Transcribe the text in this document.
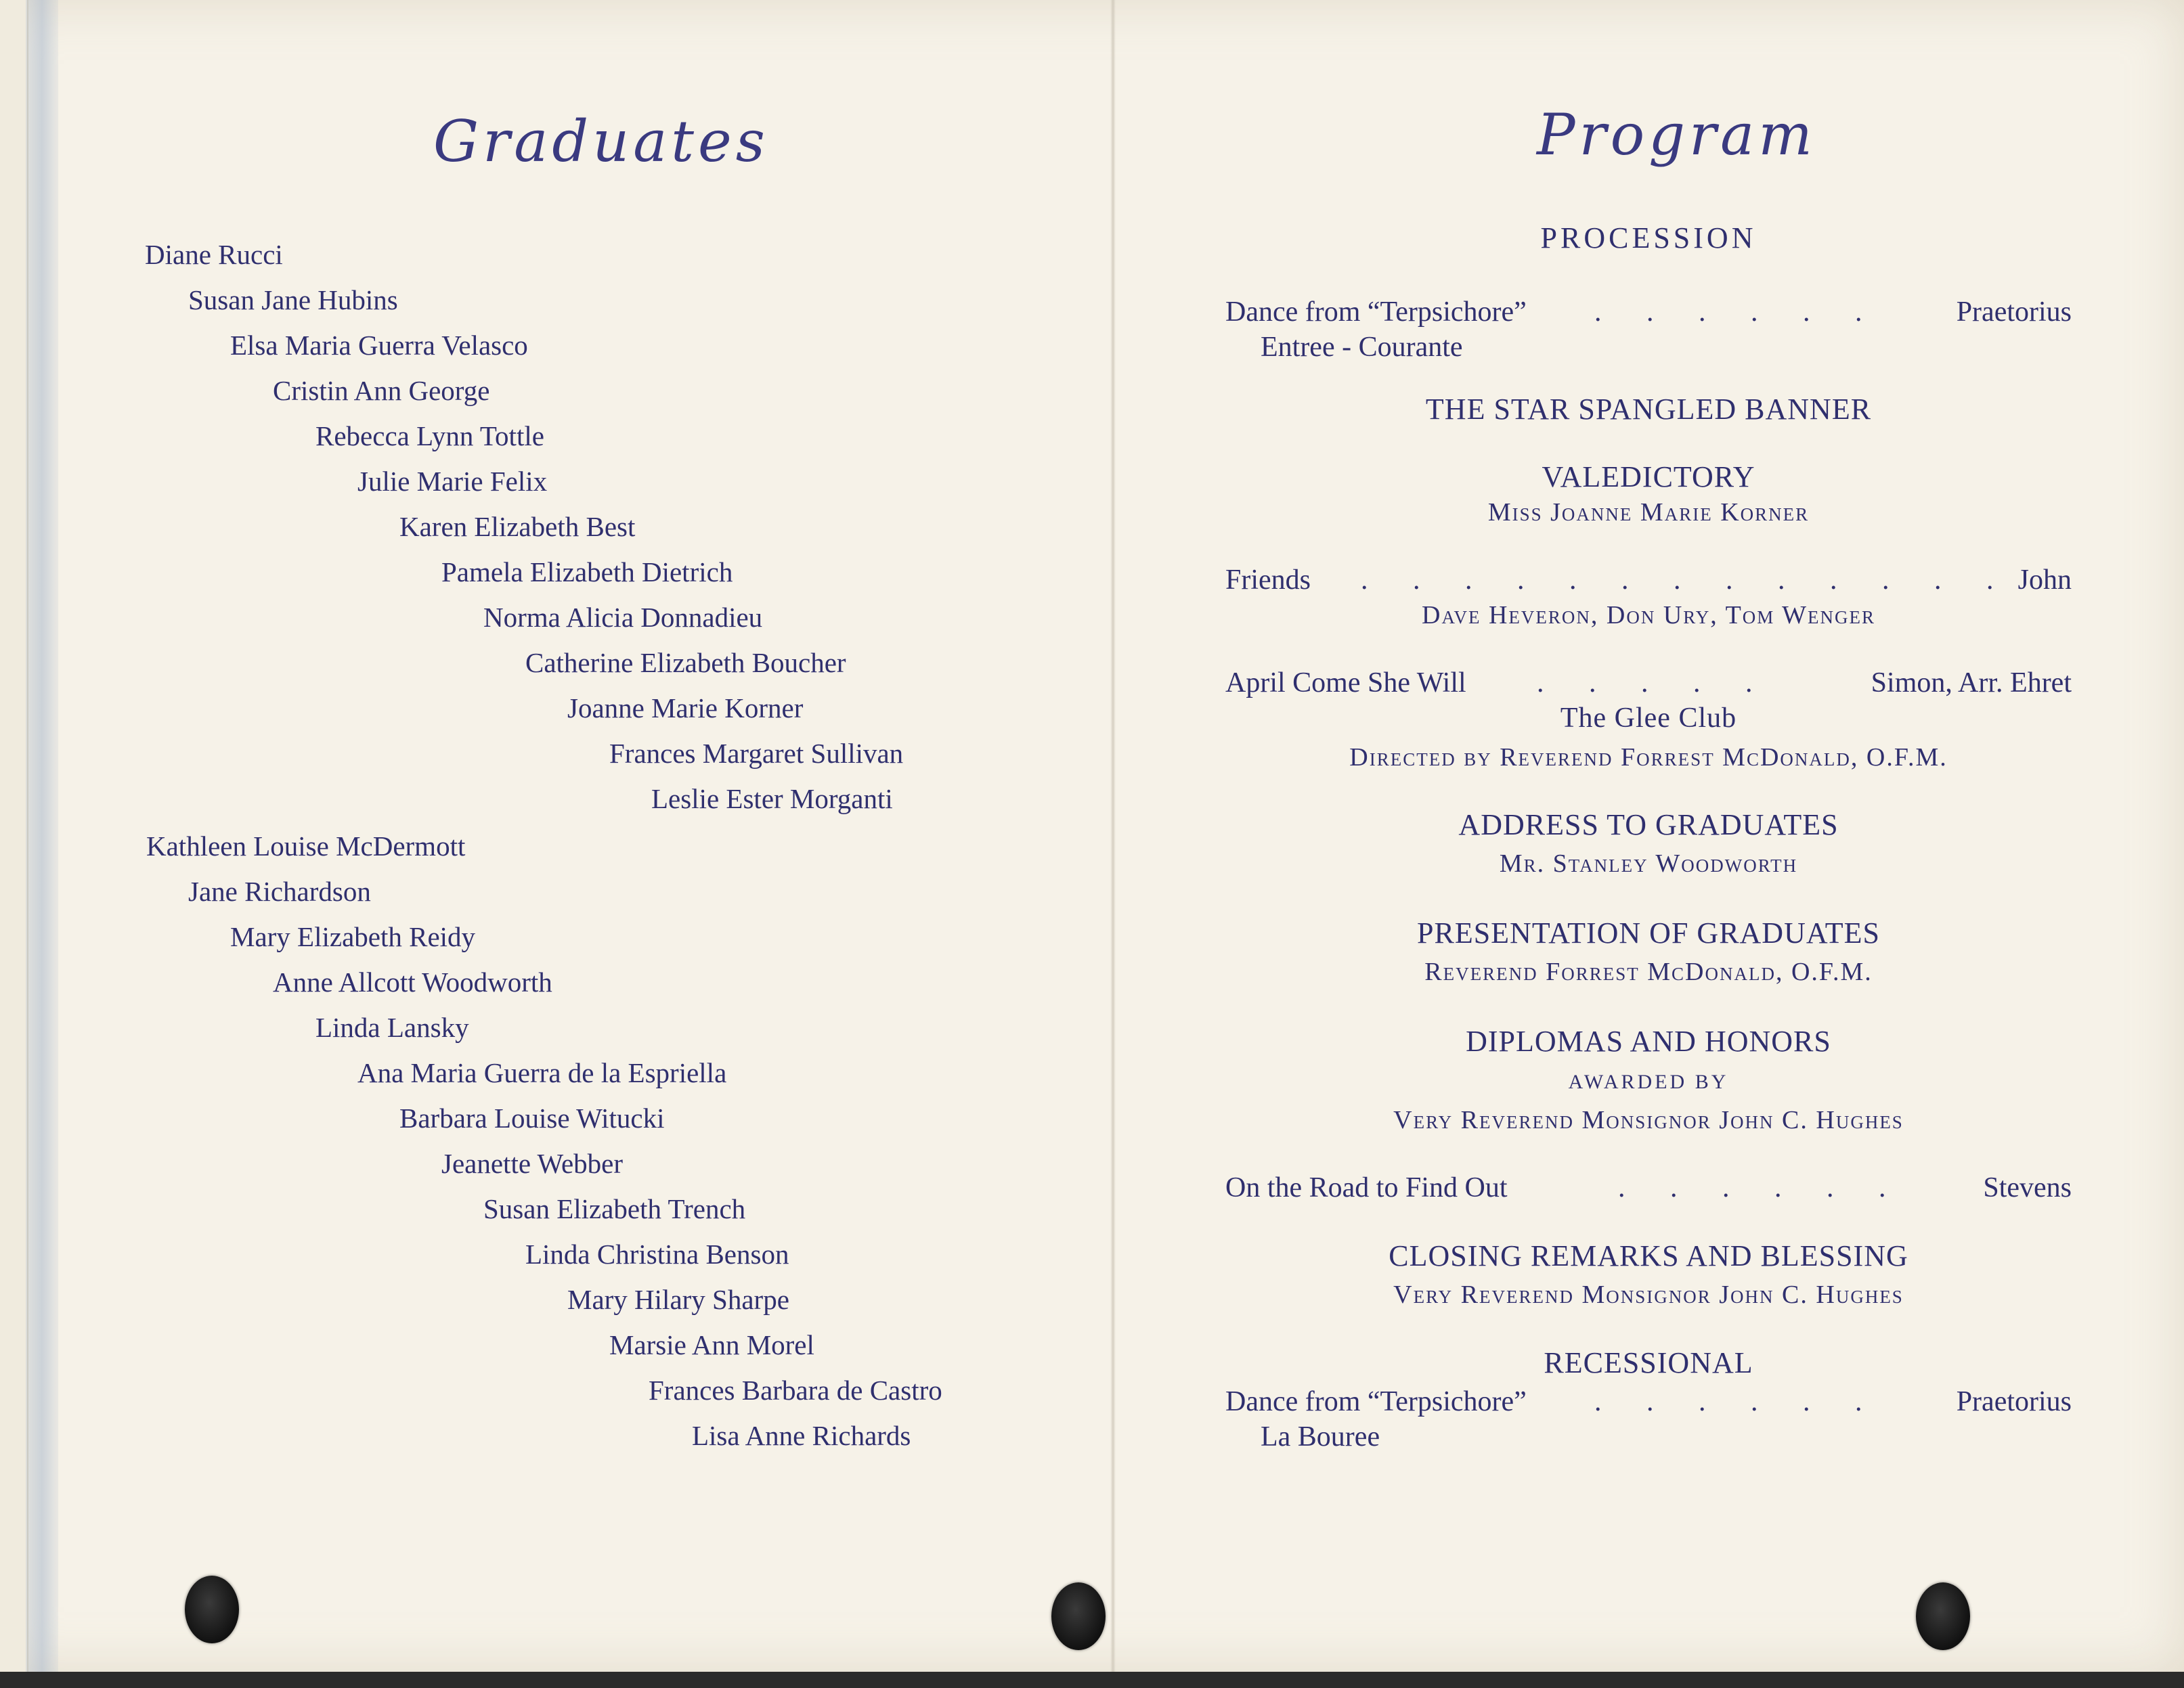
Graduates
Diane Rucci
Susan Jane Hubins
Elsa Maria Guerra Velasco
Cristin Ann George
Rebecca Lynn Tottle
Julie Marie Felix
Karen Elizabeth Best
Pamela Elizabeth Dietrich
Norma Alicia Donnadieu
Catherine Elizabeth Boucher
Joanne Marie Korner
Frances Margaret Sullivan
Leslie Ester Morganti
Kathleen Louise McDermott
Jane Richardson
Mary Elizabeth Reidy
Anne Allcott Woodworth
Linda Lansky
Ana Maria Guerra de la Espriella
Barbara Louise Witucki
Jeanette Webber
Susan Elizabeth Trench
Linda Christina Benson
Mary Hilary Sharpe
Marsie Ann Morel
Frances Barbara de Castro
Lisa Anne Richards
Program
PROCESSION
Dance from “Terpsichore” . . . . . .	Praetorius
Entree - Courante
THE STAR SPANGLED BANNER
VALEDICTORY
Miss Joanne Marie Korner
Friends . . . . . . . . . . . . . John
Dave Heveron, Don Ury, Tom Wenger
April Come She Will . . . . .	Simon, Arr. Ehret
The Glee Club
Directed by Reverend Forrest McDonald, O.F.M.
ADDRESS TO GRADUATES
Mr. Stanley Woodworth
PRESENTATION OF GRADUATES
Reverend Forrest McDonald, O.F.M.
DIPLOMAS AND HONORS
AWARDED BY
Very Reverend Monsignor John C. Hughes
On the Road to Find Out	. . . . . .	Stevens
CLOSING REMARKS AND BLESSING
Very Reverend Monsignor John C. Hughes
RECESSIONAL
Dance from “Terpsichore” . . . . . .	Praetorius
La Bouree
